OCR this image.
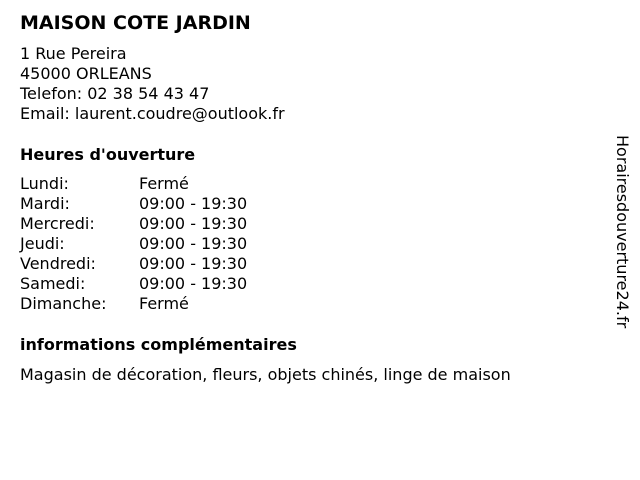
MAISON COTE JARDIN
1 Rue Pereira
45000 ORLEANS
Telefon: 02 38 54 43 47
Email: laurent.coudre@outlook.fr
Heures d'ouverture
Lundi:	Fermé
Mardi:	09:00 - 19:30
Mercredi:	09:00 - 19:30
Jeudi:	09:00 - 19:30
Vendredi:	09:00 - 19:30
Samedi:	09:00 - 19:30
Dimanche: Fermé
informations complémentaires
Magasin de décoration, fleurs, objets chinés, linge de maison
Horairesdouverture24.fr
